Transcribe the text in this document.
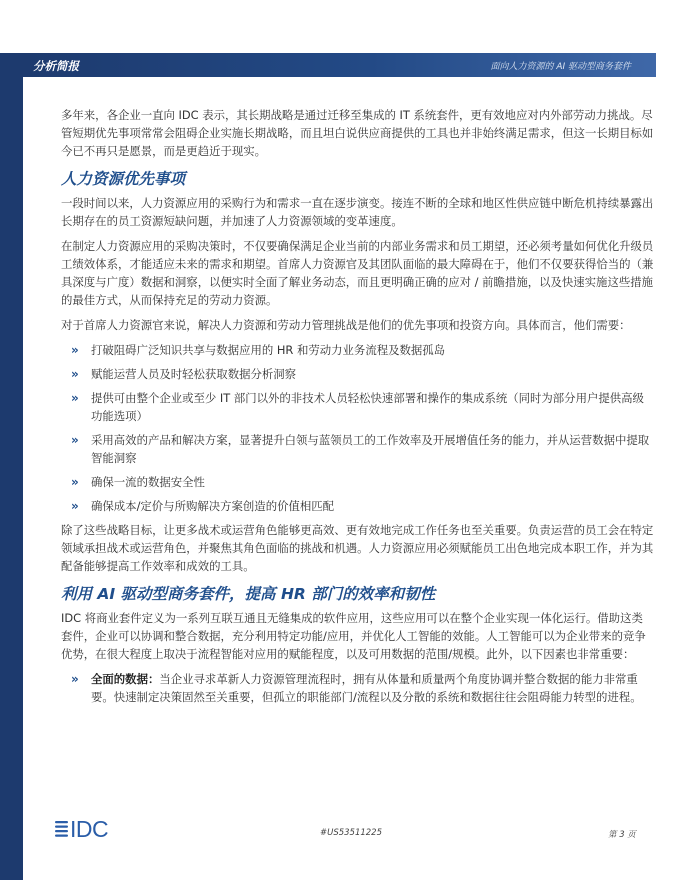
分析简报	面向人力资源的 AI 驱动型商务套件

多年来，各企业一直向 IDC 表示，其长期战略是通过迁移至集成的 IT 系统套件，更有效地应对内外部劳动力挑战。尽管短期优先事项常常会阻碍企业实施长期战略，而且坦白说供应商提供的工具也并非始终满足需求，但这一长期目标如今已不再只是愿景，而是更趋近于现实。

人力资源优先事项

一段时间以来，人力资源应用的采购行为和需求一直在逐步演变。接连不断的全球和地区性供应链中断危机持续暴露出长期存在的员工资源短缺问题，并加速了人力资源领域的变革速度。

在制定人力资源应用的采购决策时，不仅要确保满足企业当前的内部业务需求和员工期望，还必须考量如何优化升级员工绩效体系，才能适应未来的需求和期望。首席人力资源官及其团队面临的最大障碍在于，他们不仅要获得恰当的（兼具深度与广度）数据和洞察，以便实时全面了解业务动态，而且更明确正确的应对 / 前瞻措施，以及快速实施这些措施的最佳方式，从而保持充足的劳动力资源。

对于首席人力资源官来说，解决人力资源和劳动力管理挑战是他们的优先事项和投资方向。具体而言，他们需要：

» 打破阻碍广泛知识共享与数据应用的 HR 和劳动力业务流程及数据孤岛
» 赋能运营人员及时轻松获取数据分析洞察
» 提供可由整个企业或至少 IT 部门以外的非技术人员轻松快速部署和操作的集成系统（同时为部分用户提供高级功能选项）
» 采用高效的产品和解决方案，显著提升白领与蓝领员工的工作效率及开展增值任务的能力，并从运营数据中提取智能洞察
» 确保一流的数据安全性
» 确保成本/定价与所购解决方案创造的价值相匹配

除了这些战略目标，让更多战术或运营角色能够更高效、更有效地完成工作任务也至关重要。负责运营的员工会在特定领域承担战术或运营角色，并聚焦其角色面临的挑战和机遇。人力资源应用必须赋能员工出色地完成本职工作，并为其配备能够提高工作效率和成效的工具。

利用 AI 驱动型商务套件，提高 HR 部门的效率和韧性

IDC 将商业套件定义为一系列互联互通且无缝集成的软件应用，这些应用可以在整个企业实现一体化运行。借助这类套件，企业可以协调和整合数据，充分利用特定功能/应用，并优化人工智能的效能。人工智能可以为企业带来的竞争优势，在很大程度上取决于流程智能对应用的赋能程度，以及可用数据的范围/规模。此外，以下因素也非常重要：

» 全面的数据：当企业寻求革新人力资源管理流程时，拥有从体量和质量两个角度协调并整合数据的能力非常重要。快速制定决策固然至关重要，但孤立的职能部门/流程以及分散的系统和数据往往会阻碍能力转型的进程。
IDC	#US53511225	第 3 页
